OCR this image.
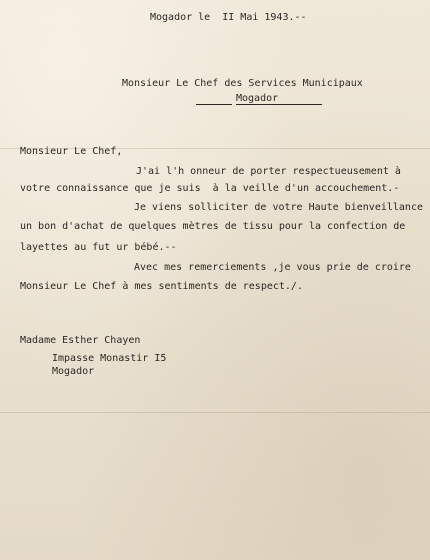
Mogador le  II Mai 1943.--
Monsieur Le Chef des Services Municipaux
Mogador
Monsieur Le Chef,
J'ai l'h onneur de porter respectueusement à
votre connaissance que je suis  à la veille d'un accouchement.-
Je viens solliciter de votre Haute bienveillance
un bon d'achat de quelques mètres de tissu pour la confection de
layettes au fut ur bébé.--
Avec mes remerciements ,je vous prie de croire
Monsieur Le Chef à mes sentiments de respect./.
Madame Esther Chayen
Impasse Monastir I5
Mogador
